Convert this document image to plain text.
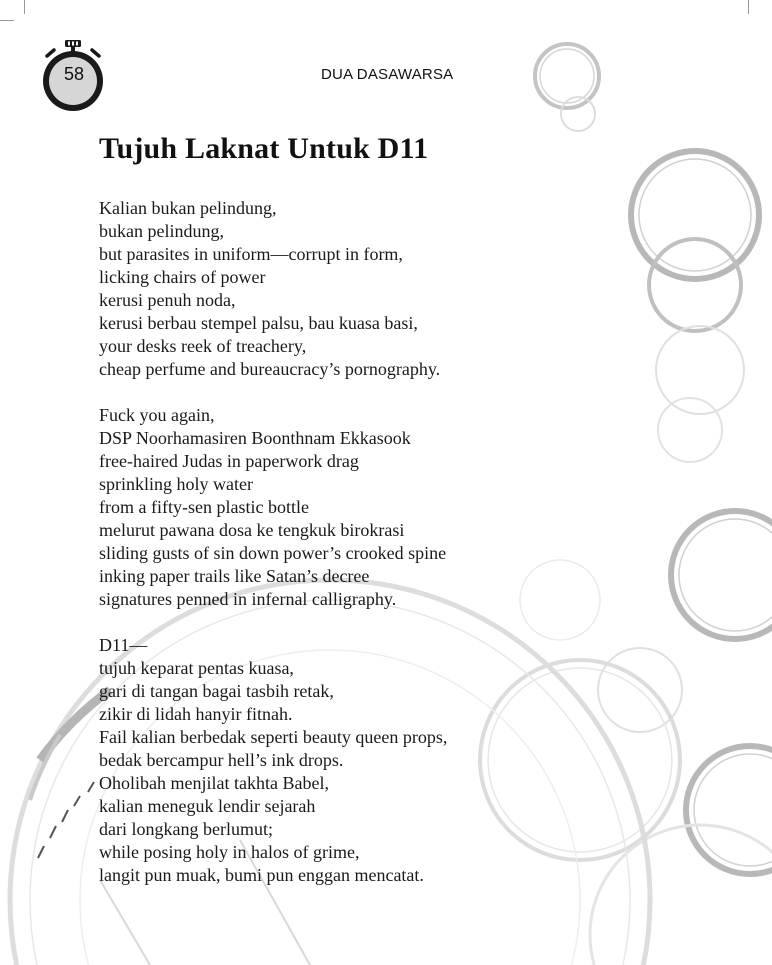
58	DUA DASAWARSA
Tujuh Laknat Untuk D11
Kalian bukan pelindung,
bukan pelindung,
but parasites in uniform—corrupt in form,
licking chairs of power
kerusi penuh noda,
kerusi berbau stempel palsu, bau kuasa basi,
your desks reek of treachery,
cheap perfume and bureaucracy’s pornography.
Fuck you again,
DSP Noorhamasiren Boonthnam Ekkasook
free-haired Judas in paperwork drag
sprinkling holy water
from a fifty-sen plastic bottle
melurut pawana dosa ke tengkuk birokrasi
sliding gusts of sin down power’s crooked spine
inking paper trails like Satan’s decree
signatures penned in infernal calligraphy.
D11—
tujuh keparat pentas kuasa,
gari di tangan bagai tasbih retak,
zikir di lidah hanyir fitnah.
Fail kalian berbedak seperti beauty queen props,
bedak bercampur hell’s ink drops.
Oholibah menjilat takhta Babel,
kalian meneguk lendir sejarah
dari longkang berlumut;
while posing holy in halos of grime,
langit pun muak, bumi pun enggan mencatat.
